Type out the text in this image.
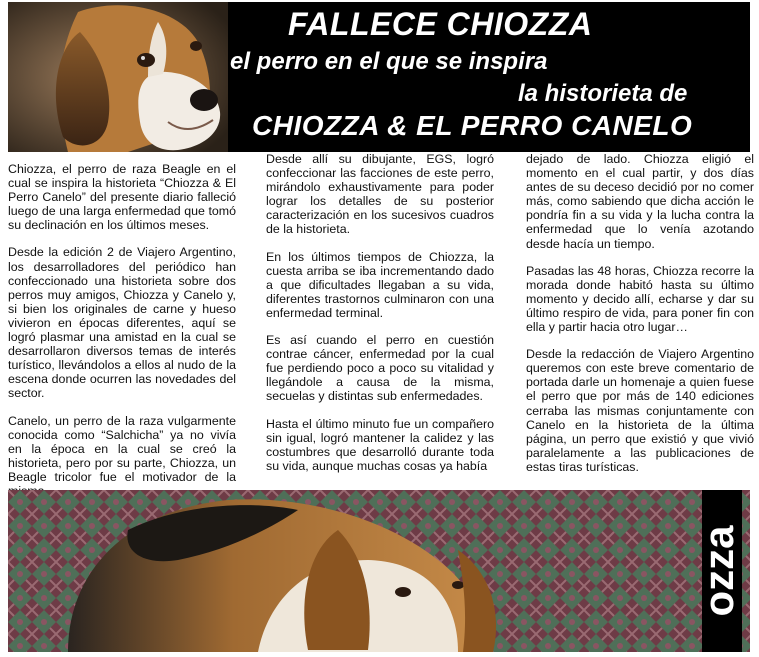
FALLECE CHIOZZA
el perro en el que se inspira
la historieta de
CHIOZZA & EL PERRO CANELO

Chiozza, el perro de raza Beagle en el cual se inspira la historieta “Chiozza & El Perro Canelo” del presente diario falleció luego de una larga enfermedad que tomó su declinación en los últimos meses.

Desde la edición 2 de Viajero Argentino, los desarrolladores del periódico han confeccionado una historieta sobre dos perros muy amigos, Chiozza y Canelo y, si bien los originales de carne y hueso vivieron en épocas diferentes, aquí se logró plasmar una amistad en la cual se desarrollaron diversos temas de interés turístico, llevándolos a ellos al nudo de la escena donde ocurren las novedades del sector.

Canelo, un perro de la raza vulgarmente conocida como “Salchicha” ya no vivía en la época en la cual se creó la historieta, pero por su parte, Chiozza, un Beagle tricolor fue el motivador de la

Desde allí su dibujante, EGS, logró confeccionar las facciones de este perro, mirándolo exhaustivamente para poder lograr los detalles de su posterior caracterización en los sucesivos cuadros de la historieta.

En los últimos tiempos de Chiozza, la cuesta arriba se iba incrementando dado a que dificultades llegaban a su vida, diferentes trastornos culminaron con una enfermedad terminal.

Es así cuando el perro en cuestión contrae cáncer, enfermedad por la cual fue perdiendo poco a poco su vitalidad y llegándole a causa de la misma, secuelas y distintas sub enfermedades.

Hasta el último minuto fue un compañero sin igual, logró mantener la calidez y las costumbres que desarrolló durante toda su vida, aunque muchas cosas ya había

dejado de lado. Chiozza eligió el momento en el cual partir, y dos días antes de su deceso decidió por no comer más, como sabiendo que dicha acción le pondría fin a su vida y la lucha contra la enfermedad que lo venía azotando desde hacía un tiempo.

Pasadas las 48 horas, Chiozza recorre la morada donde habitó hasta su último momento y decido allí, echarse y dar su último respiro de vida, para poner fin con ella y partir hacia otro lugar…

Desde la redacción de Viajero Argentino queremos con este breve comentario de portada darle un homenaje a quien fuese el perro que por más de 140 ediciones cerraba las mismas conjuntamente con Canelo en la historieta de la última página, un perro que existió y que vivió paralelamente a las publicaciones de estas tiras turísticas.

ozza
